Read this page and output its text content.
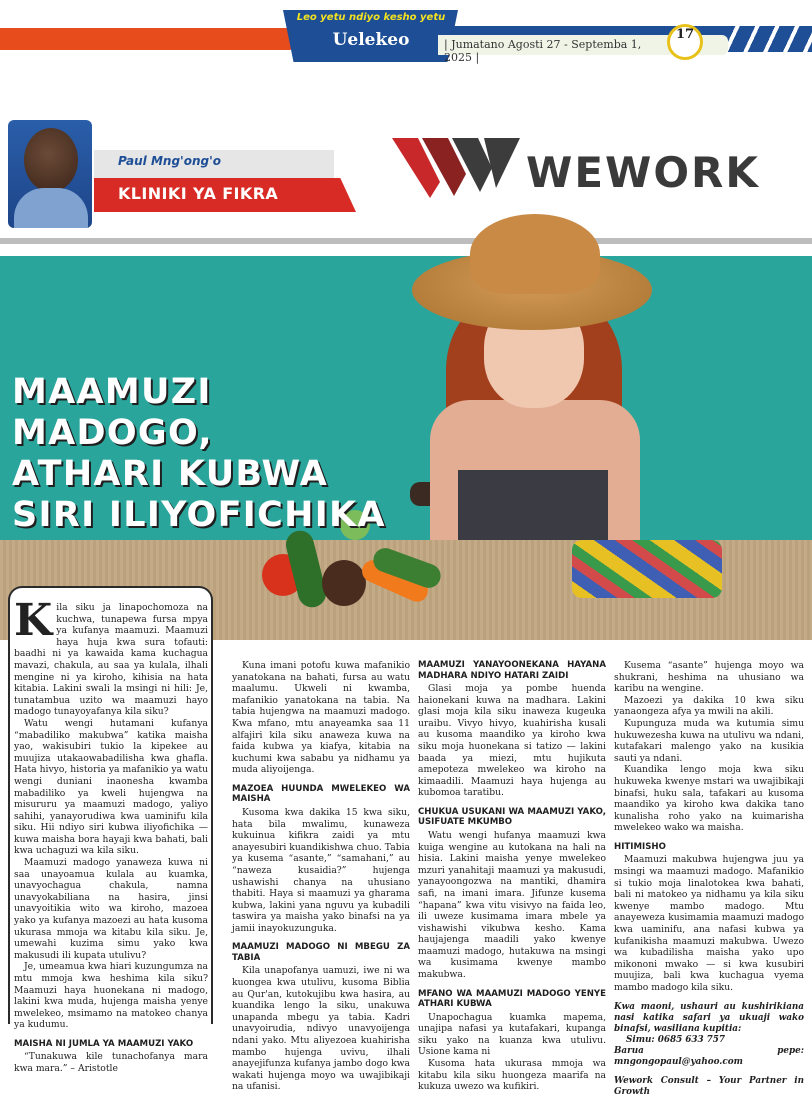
Leo yetu ndiyo kesho yetu
Uelekeo	| Jumatano Agosti 27 - Septemba 1, 2025 |
17
Paul Mng'ong'o
KLINIKI YA FIKRA	WEWORK
MAAMUZI MADOGO,
ATHARI KUBWA
SIRI ILIYOFICHIKA

Kila siku ja linapochomoza na kuchwa, tunapewa fursa mpya ya kufanya maamuzi. Maamuzi haya huja kwa sura tofauti: baadhi ni ya kawaida kama kuchagua mavazi, chakula, au saa ya kulala, ilhali mengine ni ya kiroho, kihisia na hata kitabia. Lakini swali la msingi ni hili: Je, tunatambua uzito wa maamuzi hayo madogo tunayoyafanya kila siku?

Watu wengi hutamani kufanya “mabadiliko makubwa” katika maisha yao, wakisubiri tukio la kipekee au muujiza utakaowabadilisha kwa ghafla. Hata hivyo, historia ya mafanikio ya watu wengi duniani inaonesha kwamba mabadiliko ya kweli hujengwa na misururu ya maamuzi madogo, yaliyo sahihi, yanayorudiwa kwa uaminifu kila siku. Hii ndiyo siri kubwa iliyofichika — kuwa maisha bora hayaji kwa bahati, bali kwa uchaguzi wa kila siku.

Maamuzi madogo yanaweza kuwa ni saa unayoamua kulala au kuamka, unavyochagua chakula, namna unavyokabiliana na hasira, jinsi unavyoitikia wito wa kiroho, mazoea yako ya kufanya mazoezi au hata kusoma ukurasa mmoja wa kitabu kila siku. Je, umewahi kuzima simu yako kwa makusudi ili kupata utulivu?

Je, umeamua kwa hiari kuzungumza na mtu mmoja kwa heshima kila siku? Maamuzi haya huonekana ni madogo, lakini kwa muda, hujenga maisha yenye mwelekeo, msimamo na matokeo chanya ya kudumu.

MAISHA NI JUMLA YA MAAMUZI YAKO

“Tunakuwa kile tunachofanya mara kwa mara.” – Aristotle

Kuna imani potofu kuwa mafanikio yanatokana na bahati, fursa au watu maalumu. Ukweli ni kwamba, mafanikio yanatokana na tabia. Na tabia hujengwa na maamuzi madogo. Kwa mfano, mtu anayeamka saa 11 alfajiri kila siku anaweza kuwa na faida kubwa ya kiafya, kitabia na kuchumi kwa sababu ya nidhamu ya muda aliyoijenga.

MAZOEA HUUNDA MWELEKEO WA MAISHA

Kusoma kwa dakika 15 kwa siku, hata bila mwalimu, kunaweza kukuinua kifikra zaidi ya mtu anayesubiri kuandikishwa chuo. Tabia ya kusema “asante,” “samahani,” au “naweza kusaidia?” hujenga ushawishi chanya na uhusiano thabiti. Haya si maamuzi ya gharama kubwa, lakini yana nguvu ya kubadili taswira ya maisha yako binafsi na ya jamii inayokuzunguka.

MAAMUZI MADOGO NI MBEGU ZA TABIA

Kila unapofanya uamuzi, iwe ni wa kuongea kwa utulivu, kusoma Biblia au Qur'an, kutokujibu kwa hasira, au kuandika lengo la siku, unakuwa unapanda mbegu ya tabia. Kadri unavyoirudia, ndivyo unavyoijenga ndani yako. Mtu aliyezoea kuahirisha mambo hujenga uvivu, ilhali anayejifunza kufanya jambo dogo kwa wakati hujenga moyo wa uwajibikaji na ufanisi.

MAAMUZI YANAYOONEKANA HAYANA MADHARA NDIYO HATARI ZAIDI

Glasi moja ya pombe huenda haionekani kuwa na madhara. Lakini glasi moja kila siku inaweza kugeuka uraibu. Vivyo hivyo, kuahirisha kusali au kusoma maandiko ya kiroho kwa siku moja huonekana si tatizo — lakini baada ya miezi, mtu hujikuta amepoteza mwelekeo wa kiroho na kimaadili. Maamuzi haya hujenga au kubomoa taratibu.

CHUKUA USUKANI WA MAAMUZI YAKO, USIFUATE MKUMBO

Watu wengi hufanya maamuzi kwa kuiga wengine au kutokana na hali na hisia. Lakini maisha yenye mwelekeo mzuri yanahitaji maamuzi ya makusudi, yanayoongozwa na mantiki, dhamira safi, na imani imara. Jifunze kusema “hapana” kwa vitu visivyo na faida leo, ili uweze kusimama imara mbele ya vishawishi vikubwa kesho. Kama haujajenga maadili yako kwenye maamuzi madogo, hutakuwa na msingi wa kusimama kwenye mambo makubwa.

MFANO WA MAAMUZI MADOGO YENYE ATHARI KUBWA

Unapochagua kuamka mapema, unajipa nafasi ya kutafakari, kupanga siku yako na kuanza kwa utulivu. Usione kama ni

Kusoma hata ukurasa mmoja wa kitabu kila siku huongeza maarifa na kukuza uwezo wa kufikiri.

Kusema “asante” hujenga moyo wa shukrani, heshima na uhusiano wa karibu na wengine.

Mazoezi ya dakika 10 kwa siku yanaongeza afya ya mwili na akili.

Kupunguza muda wa kutumia simu hukuwezesha kuwa na utulivu wa ndani, kutafakari malengo yako na kusikia sauti ya ndani.

Kuandika lengo moja kwa siku hukuweka kwenye mstari wa uwajibikaji binafsi, huku sala, tafakari au kusoma maandiko ya kiroho kwa dakika tano kunalisha roho yako na kuimarisha mwelekeo wako wa maisha.

HITIMISHO

Maamuzi makubwa hujengwa juu ya msingi wa maamuzi madogo. Mafanikio si tukio moja linalotokea kwa bahati, bali ni matokeo ya nidhamu ya kila siku kwenye mambo madogo. Mtu anayeweza kusimamia maamuzi madogo kwa uaminifu, ana nafasi kubwa ya kufanikisha maamuzi makubwa. Uwezo wa kubadilisha maisha yako upo mikononi mwako — si kwa kusubiri muujiza, bali kwa kuchagua vyema mambo madogo kila siku.

Kwa maoni, ushauri au kushirikiana nasi katika safari ya ukuaji wako binafsi, wasiliana kupitia:

Simu: 0685 633 757

Barua pepe: mngongopaul@yahoo.com

Wework Consult – Your Partner in Growth
